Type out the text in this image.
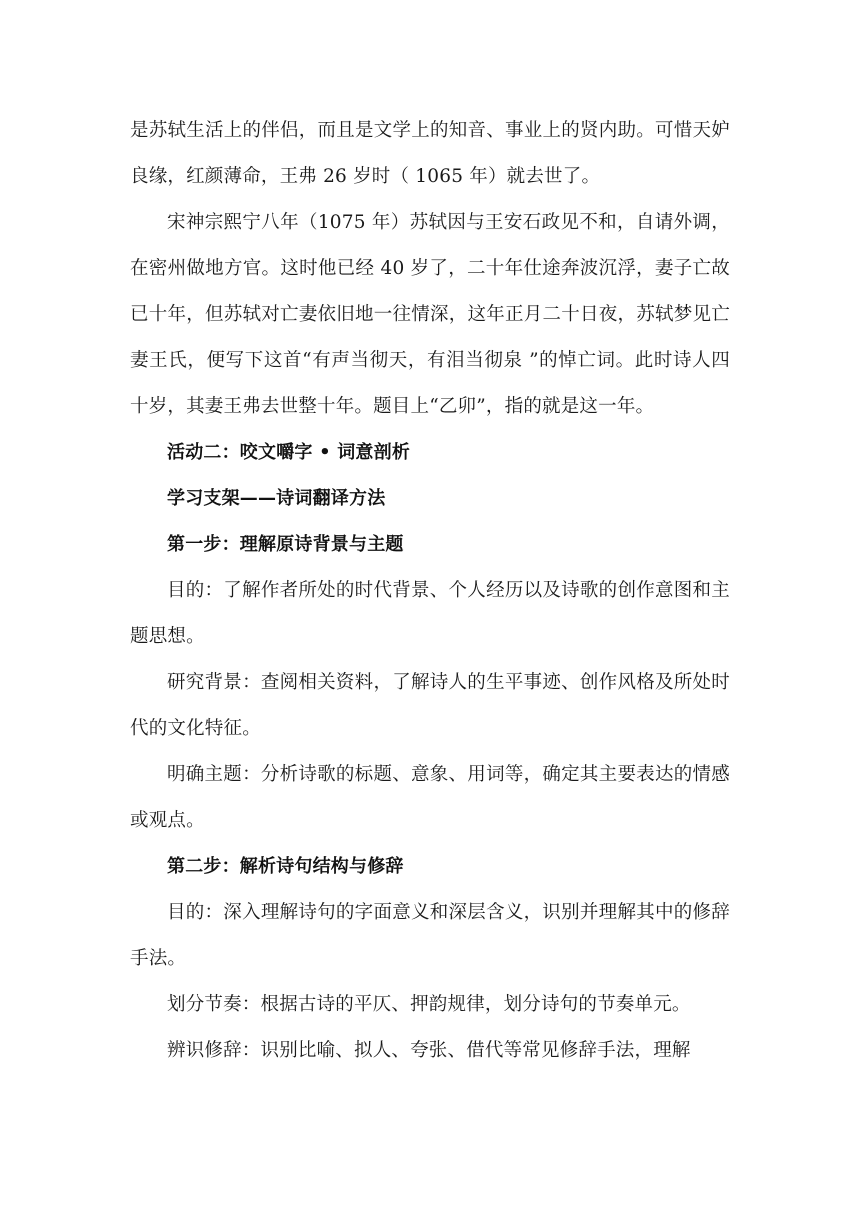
是苏轼生活上的伴侣，而且是文学上的知音、事业上的贤内助。可惜天妒良缘，红颜薄命，王弗 26 岁时（ 1065 年）就去世了。

宋神宗熙宁八年（1075 年）苏轼因与王安石政见不和，自请外调，在密州做地方官。这时他已经 40 岁了，二十年仕途奔波沉浮，妻子亡故已十年，但苏轼对亡妻依旧地一往情深，这年正月二十日夜，苏轼梦见亡妻王氏，便写下这首“有声当彻天，有泪当彻泉 ”的悼亡词。此时诗人四十岁，其妻王弗去世整十年。题目上“乙卯”，指的就是这一年。

活动二：咬文嚼字 • 词意剖析

学习支架——诗词翻译方法

第一步：理解原诗背景与主题

目的：了解作者所处的时代背景、个人经历以及诗歌的创作意图和主题思想。

研究背景：查阅相关资料，了解诗人的生平事迹、创作风格及所处时代的文化特征。

明确主题：分析诗歌的标题、意象、用词等，确定其主要表达的情感或观点。

第二步：解析诗句结构与修辞

目的：深入理解诗句的字面意义和深层含义，识别并理解其中的修辞手法。

划分节奏：根据古诗的平仄、押韵规律，划分诗句的节奏单元。

辨识修辞：识别比喻、拟人、夸张、借代等常见修辞手法，理解
